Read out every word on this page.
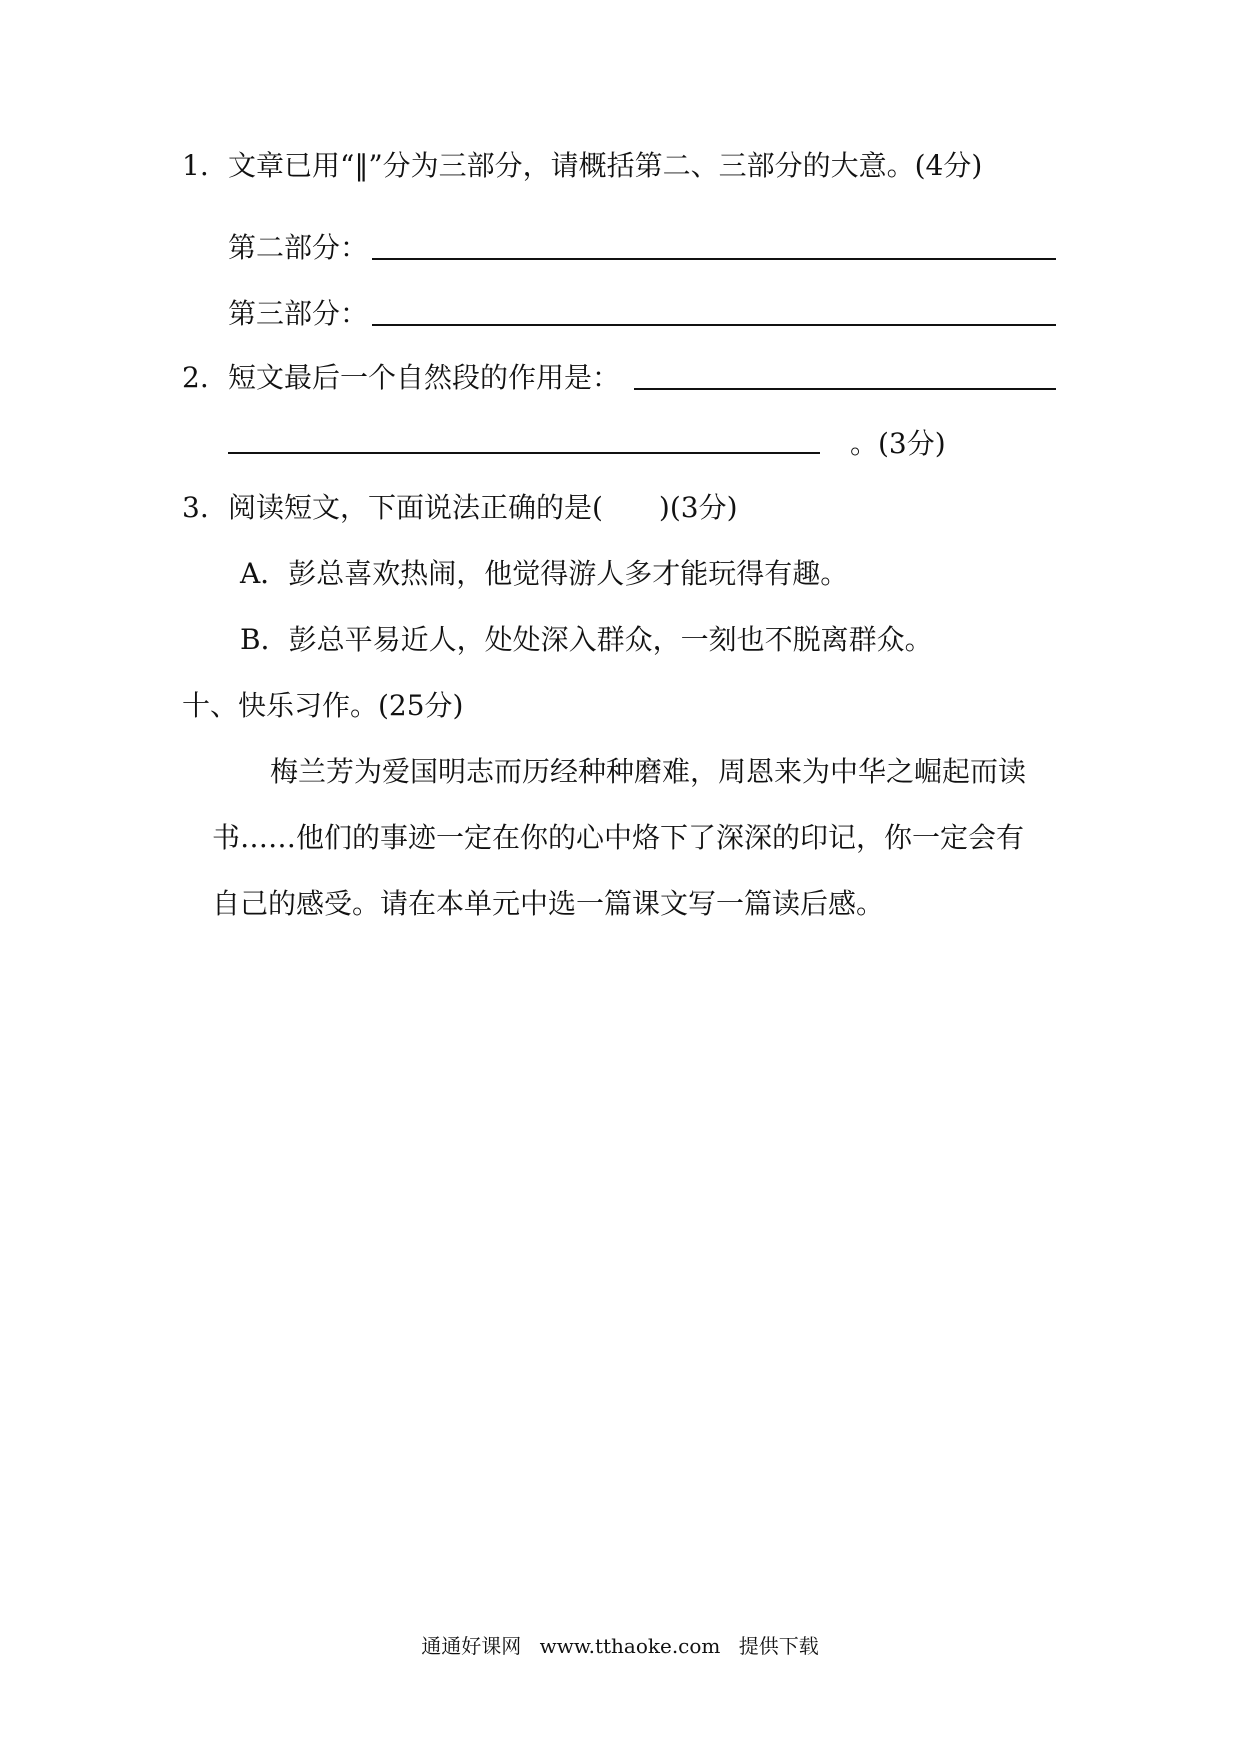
1. 文章已用“‖”分为三部分，请概括第二、三部分的大意。(4分)
第二部分：
第三部分：
2. 短文最后一个自然段的作用是：
。(3分)
3. 阅读短文，下面说法正确的是(　　)(3分)
A．彭总喜欢热闹，他觉得游人多才能玩得有趣。
B．彭总平易近人，处处深入群众，一刻也不脱离群众。
十、快乐习作。(25分)
梅兰芳为爱国明志而历经种种磨难，周恩来为中华之崛起而读
书……他们的事迹一定在你的心中烙下了深深的印记，你一定会有
自己的感受。请在本单元中选一篇课文写一篇读后感。
通通好课网 www.tthaoke.com 提供下载
